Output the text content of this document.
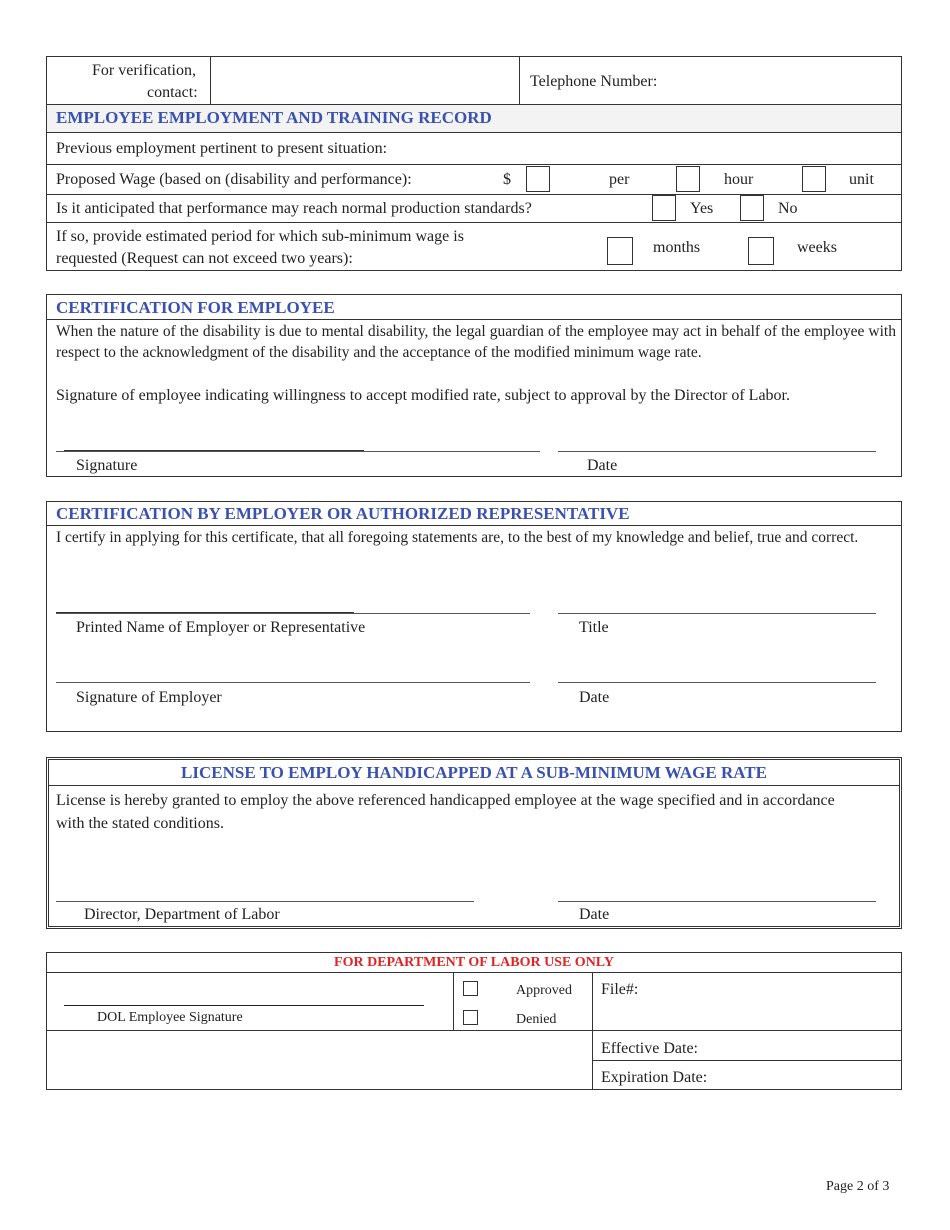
For verification,
contact:
Telephone Number:
EMPLOYEE EMPLOYMENT AND TRAINING RECORD
Previous employment pertinent to present situation:
Proposed Wage (based on (disability and performance):	$	per	hour	unit
Is it anticipated that performance may reach normal production standards?	Yes	No
If so, provide estimated period for which sub-minimum wage is
requested (Request can not exceed two years):
months	weeks
CERTIFICATION FOR EMPLOYEE
When the nature of the disability is due to mental disability, the legal guardian of the employee may act in behalf of the employee with respect to the acknowledgment of the disability and the acceptance of the modified minimum wage rate.
Signature of employee indicating willingness to accept modified rate, subject to approval by the Director of Labor.
Signature	Date
CERTIFICATION BY EMPLOYER OR AUTHORIZED REPRESENTATIVE
I certify in applying for this certificate, that all foregoing statements are, to the best of my knowledge and belief, true and correct.
Printed Name of Employer or Representative	Title
Signature of Employer	Date
LICENSE TO EMPLOY HANDICAPPED AT A SUB-MINIMUM WAGE RATE
License is hereby granted to employ the above referenced handicapped employee at the wage specified and in accordance with the stated conditions.
Director, Department of Labor	Date
FOR DEPARTMENT OF LABOR USE ONLY
DOL Employee Signature
Approved
Denied
File#:
Effective Date:
Expiration Date:
Page 2 of 3
